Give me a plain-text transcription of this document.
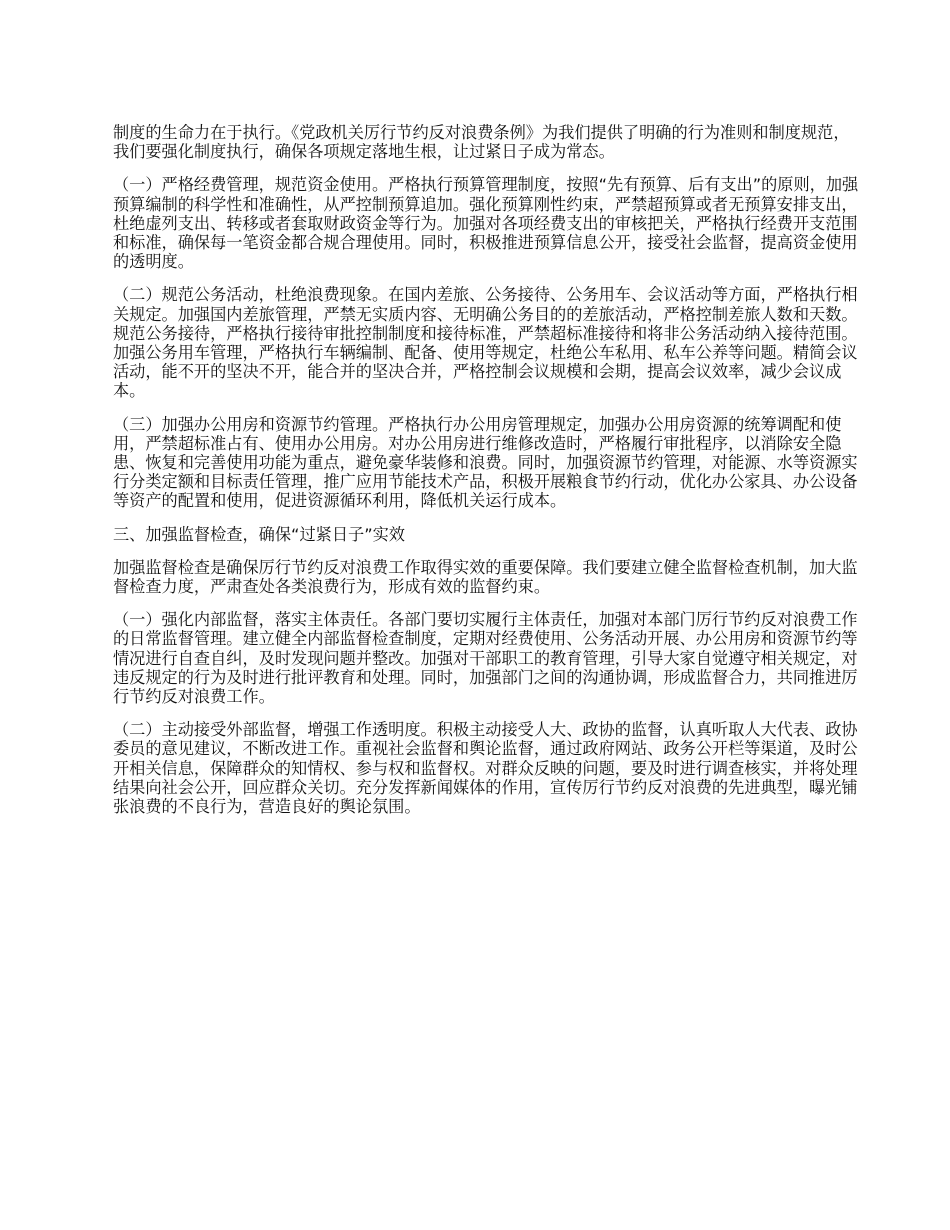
制度的生命力在于执行。《党政机关厉行节约反对浪费条例》为我们提供了明确的行为准则和制度规范，我们要强化制度执行，确保各项规定落地生根，让过紧日子成为常态。

（一）严格经费管理，规范资金使用。严格执行预算管理制度，按照“先有预算、后有支出”的原则，加强预算编制的科学性和准确性，从严控制预算追加。强化预算刚性约束，严禁超预算或者无预算安排支出，杜绝虚列支出、转移或者套取财政资金等行为。加强对各项经费支出的审核把关，严格执行经费开支范围和标准，确保每一笔资金都合规合理使用。同时，积极推进预算信息公开，接受社会监督，提高资金使用的透明度。

（二）规范公务活动，杜绝浪费现象。在国内差旅、公务接待、公务用车、会议活动等方面，严格执行相关规定。加强国内差旅管理，严禁无实质内容、无明确公务目的的差旅活动，严格控制差旅人数和天数。规范公务接待，严格执行接待审批控制制度和接待标准，严禁超标准接待和将非公务活动纳入接待范围。加强公务用车管理，严格执行车辆编制、配备、使用等规定，杜绝公车私用、私车公养等问题。精简会议活动，能不开的坚决不开，能合并的坚决合并，严格控制会议规模和会期，提高会议效率，减少会议成本。

（三）加强办公用房和资源节约管理。严格执行办公用房管理规定，加强办公用房资源的统筹调配和使用，严禁超标准占有、使用办公用房。对办公用房进行维修改造时，严格履行审批程序，以消除安全隐患、恢复和完善使用功能为重点，避免豪华装修和浪费。同时，加强资源节约管理，对能源、水等资源实行分类定额和目标责任管理，推广应用节能技术产品，积极开展粮食节约行动，优化办公家具、办公设备等资产的配置和使用，促进资源循环利用，降低机关运行成本。

三、加强监督检查，确保“过紧日子”实效

加强监督检查是确保厉行节约反对浪费工作取得实效的重要保障。我们要建立健全监督检查机制，加大监督检查力度，严肃查处各类浪费行为，形成有效的监督约束。

（一）强化内部监督，落实主体责任。各部门要切实履行主体责任，加强对本部门厉行节约反对浪费工作的日常监督管理。建立健全内部监督检查制度，定期对经费使用、公务活动开展、办公用房和资源节约等情况进行自查自纠，及时发现问题并整改。加强对干部职工的教育管理，引导大家自觉遵守相关规定，对违反规定的行为及时进行批评教育和处理。同时，加强部门之间的沟通协调，形成监督合力，共同推进厉行节约反对浪费工作。

（二）主动接受外部监督，增强工作透明度。积极主动接受人大、政协的监督，认真听取人大代表、政协委员的意见建议，不断改进工作。重视社会监督和舆论监督，通过政府网站、政务公开栏等渠道，及时公开相关信息，保障群众的知情权、参与权和监督权。对群众反映的问题，要及时进行调查核实，并将处理结果向社会公开，回应群众关切。充分发挥新闻媒体的作用，宣传厉行节约反对浪费的先进典型，曝光铺张浪费的不良行为，营造良好的舆论氛围。
